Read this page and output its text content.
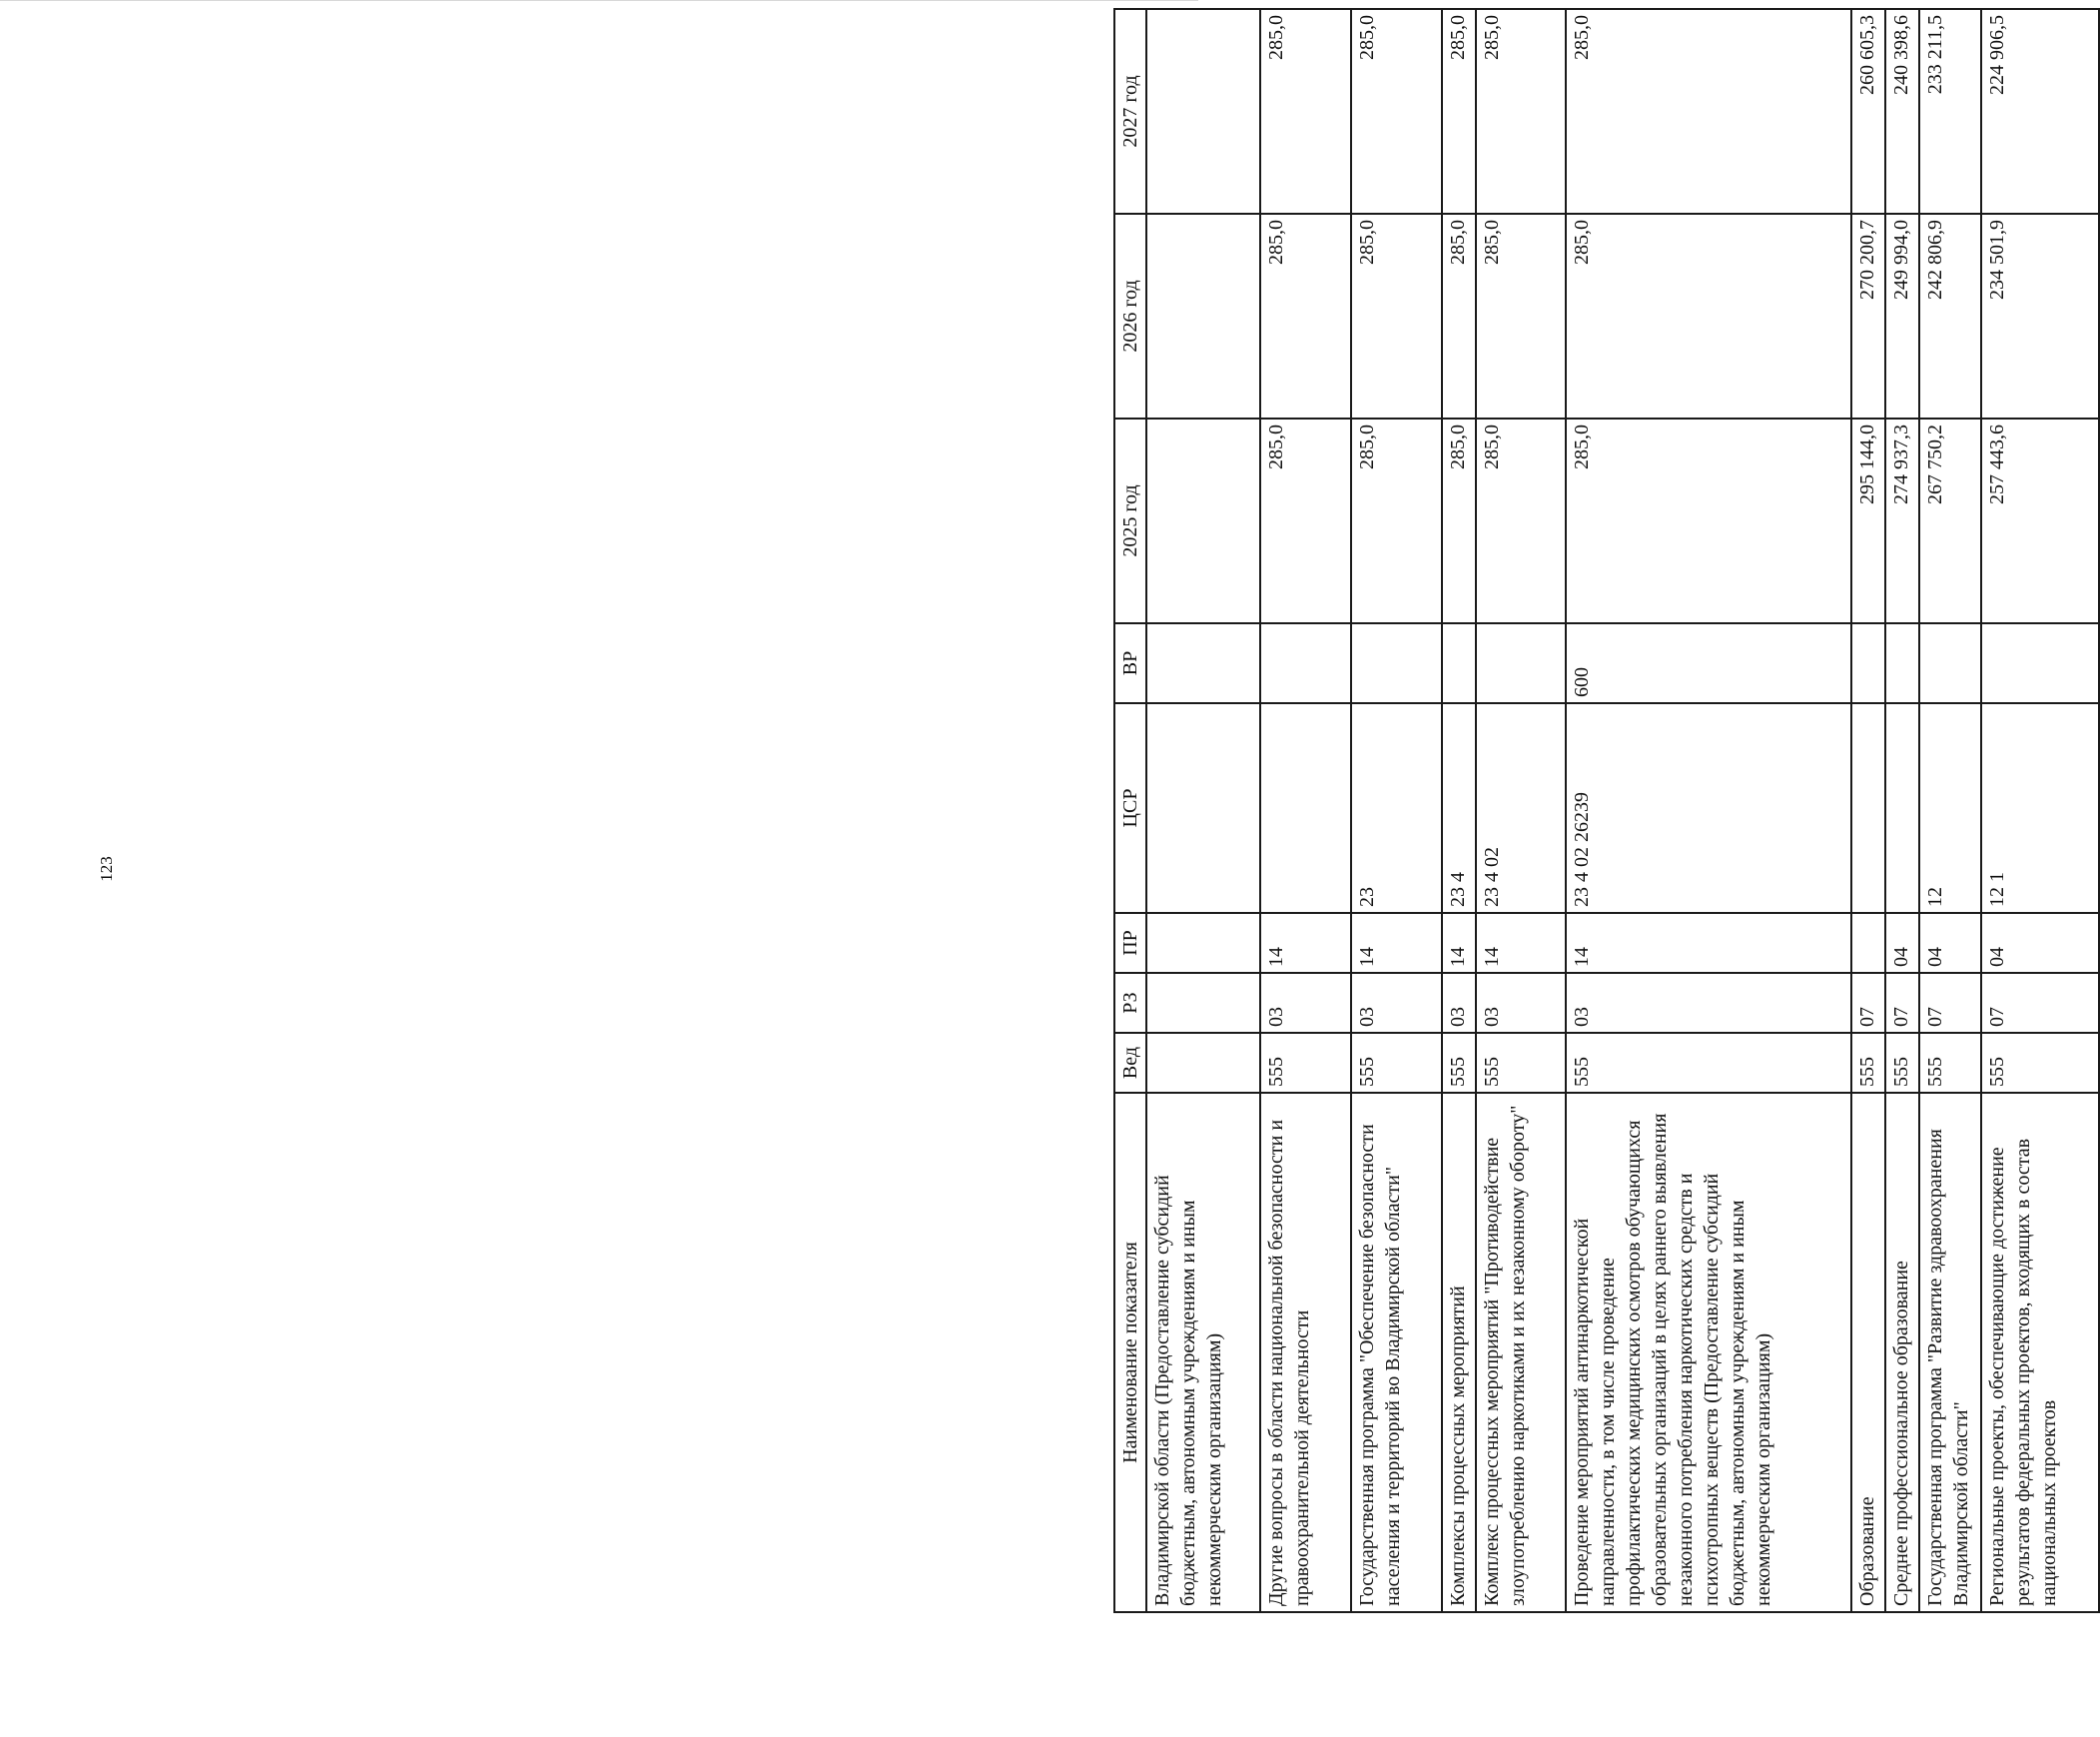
123
Наименование показателя	Вед	РЗ	ПР	ЦСР	ВР	2025 год	2026 год	2027 год
Владимирской области (Предоставление субсидий бюджетным, автономным учреждениям и иным некоммерческим организациям)								
Другие вопросы в области национальной безопасности и правоохранительной деятельности	555	03	14			285,0	285,0	285,0
Государственная программа "Обеспечение безопасности населения и территорий во Владимирской области"	555	03	14	23		285,0	285,0	285,0
Комплексы процессных мероприятий	555	03	14	23 4		285,0	285,0	285,0
Комплекс процессных мероприятий "Противодействие злоупотреблению наркотиками и их незаконному обороту"	555	03	14	23 4 02		285,0	285,0	285,0
Проведение мероприятий антинаркотической направленности, в том числе проведение профилактических медицинских осмотров обучающихся образовательных организаций в целях раннего выявления незаконного потребления наркотических средств и психотропных веществ (Предоставление субсидий бюджетным, автономным учреждениям и иным некоммерческим организациям)	555	03	14	23 4 02 26239	600	285,0	285,0	285,0
Образование	555	07				295 144,0	270 200,7	260 605,3
Среднее профессиональное образование	555	07	04			274 937,3	249 994,0	240 398,6
Государственная программа "Развитие здравоохранения Владимирской области"	555	07	04	12		267 750,2	242 806,9	233 211,5
Региональные проекты, обеспечивающие достижение результатов федеральных проектов, входящих в состав национальных проектов	555	07	04	12 1		257 443,6	234 501,9	224 906,5
